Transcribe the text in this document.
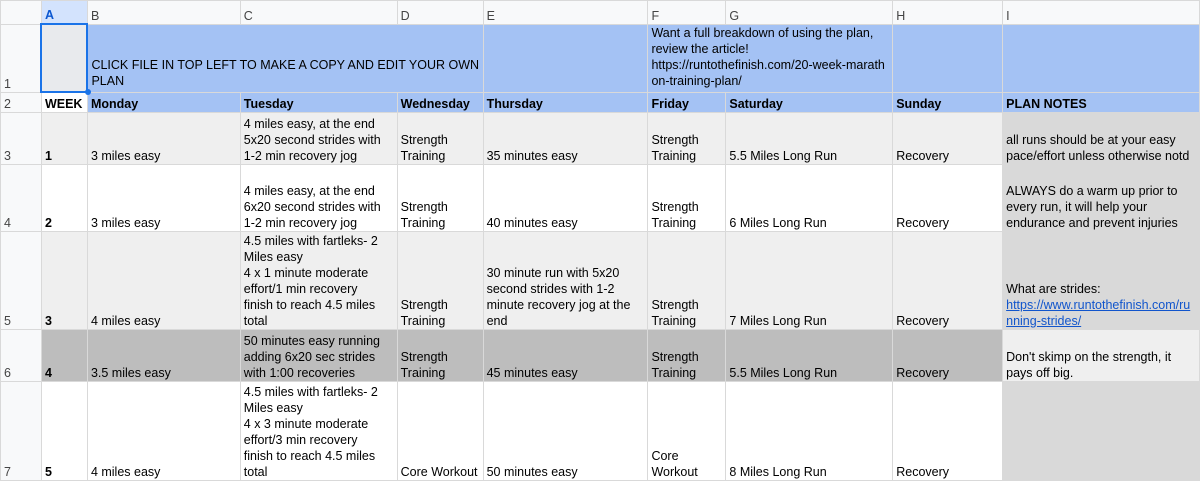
	A	B	C	D	E	F	G	H	I
1		CLICK FILE IN TOP LEFT TO MAKE A COPY AND EDIT YOUR OWN PLAN				Want a full breakdown of using the plan, review the article!
https://runtothefinish.com/20-week-marathon-training-plan/			
2	WEEK	Monday	Tuesday	Wednesday	Thursday	Friday	Saturday	Sunday	PLAN NOTES
3	1	3 miles easy	4 miles easy, at the end 5x20 second strides with 1-2 min recovery jog	Strength Training	35 minutes easy	Strength Training	5.5 Miles Long Run	Recovery	all runs should be at your easy pace/effort unless otherwise notd
4	2	3 miles easy	4 miles easy, at the end 6x20 second strides with 1-2 min recovery jog	Strength Training	40 minutes easy	Strength Training	6 Miles Long Run	Recovery	ALWAYS do a warm up prior to every run, it will help your endurance and prevent injuries
5	3	4 miles easy	4.5 miles with fartleks- 2 Miles easy
4 x 1 minute moderate effort/1 min recovery
finish to reach 4.5 miles total	Strength Training	30 minute run with 5x20 second strides with 1-2 minute recovery jog at the end	Strength Training	7 Miles Long Run	Recovery	What are strides:
https://www.runtothefinish.com/running-strides/
6	4	3.5 miles easy	50 minutes easy running adding 6x20 sec strides with 1:00 recoveries	Strength Training	45 minutes easy	Strength Training	5.5 Miles Long Run	Recovery	Don't skimp on the strength, it pays off big.
7	5	4 miles easy	4.5 miles with fartleks- 2 Miles easy
4 x 3 minute moderate effort/3 min recovery
finish to reach 4.5 miles total	Core Workout	50 minutes easy	Core Workout	8 Miles Long Run	Recovery	
